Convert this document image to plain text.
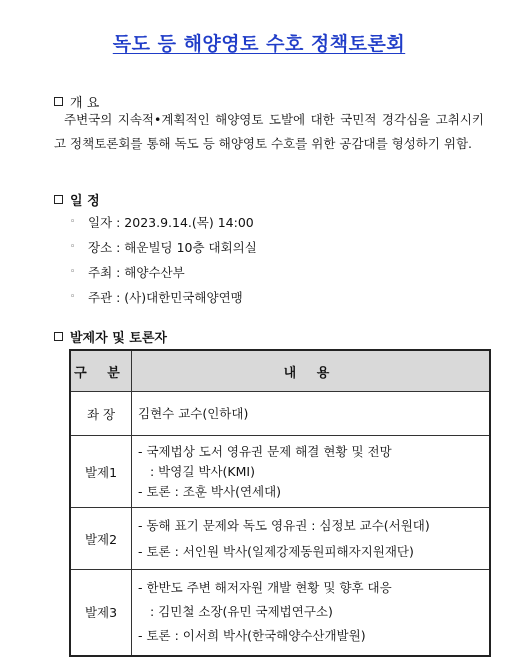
독도 등 해양영토 수호 정책토론회
개 요
주변국의 지속적•계획적인 해양영토 도발에 대한 국민적 경각심을 고취시키고 정책토론회를 통해 독도 등 해양영토 수호를 위한 공감대를 형성하기 위함.
일 정
◦	일자 : 2023.9.14.(목) 14:00
◦	장소 : 해운빌딩 10층 대회의실
◦	주최 : 해양수산부
◦	주관 : (사)대한민국해양연맹
발제자 및 토론자
구 분	내 용
좌 장	김현수 교수(인하대)

발제1	- 국제법상 도서 영유권 문제 해결 현황 및 전망
: 박영길 박사(KMI)
- 토론 : 조훈 박사(연세대)

발제2	- 동해 표기 문제와 독도 영유권 : 심정보 교수(서원대)
- 토론 : 서인원 박사(일제강제동원피해자지원재단)

발제3	- 한반도 주변 해저자원 개발 현황 및 향후 대응
: 김민철 소장(유민 국제법연구소)
- 토론 : 이서희 박사(한국해양수산개발원)
